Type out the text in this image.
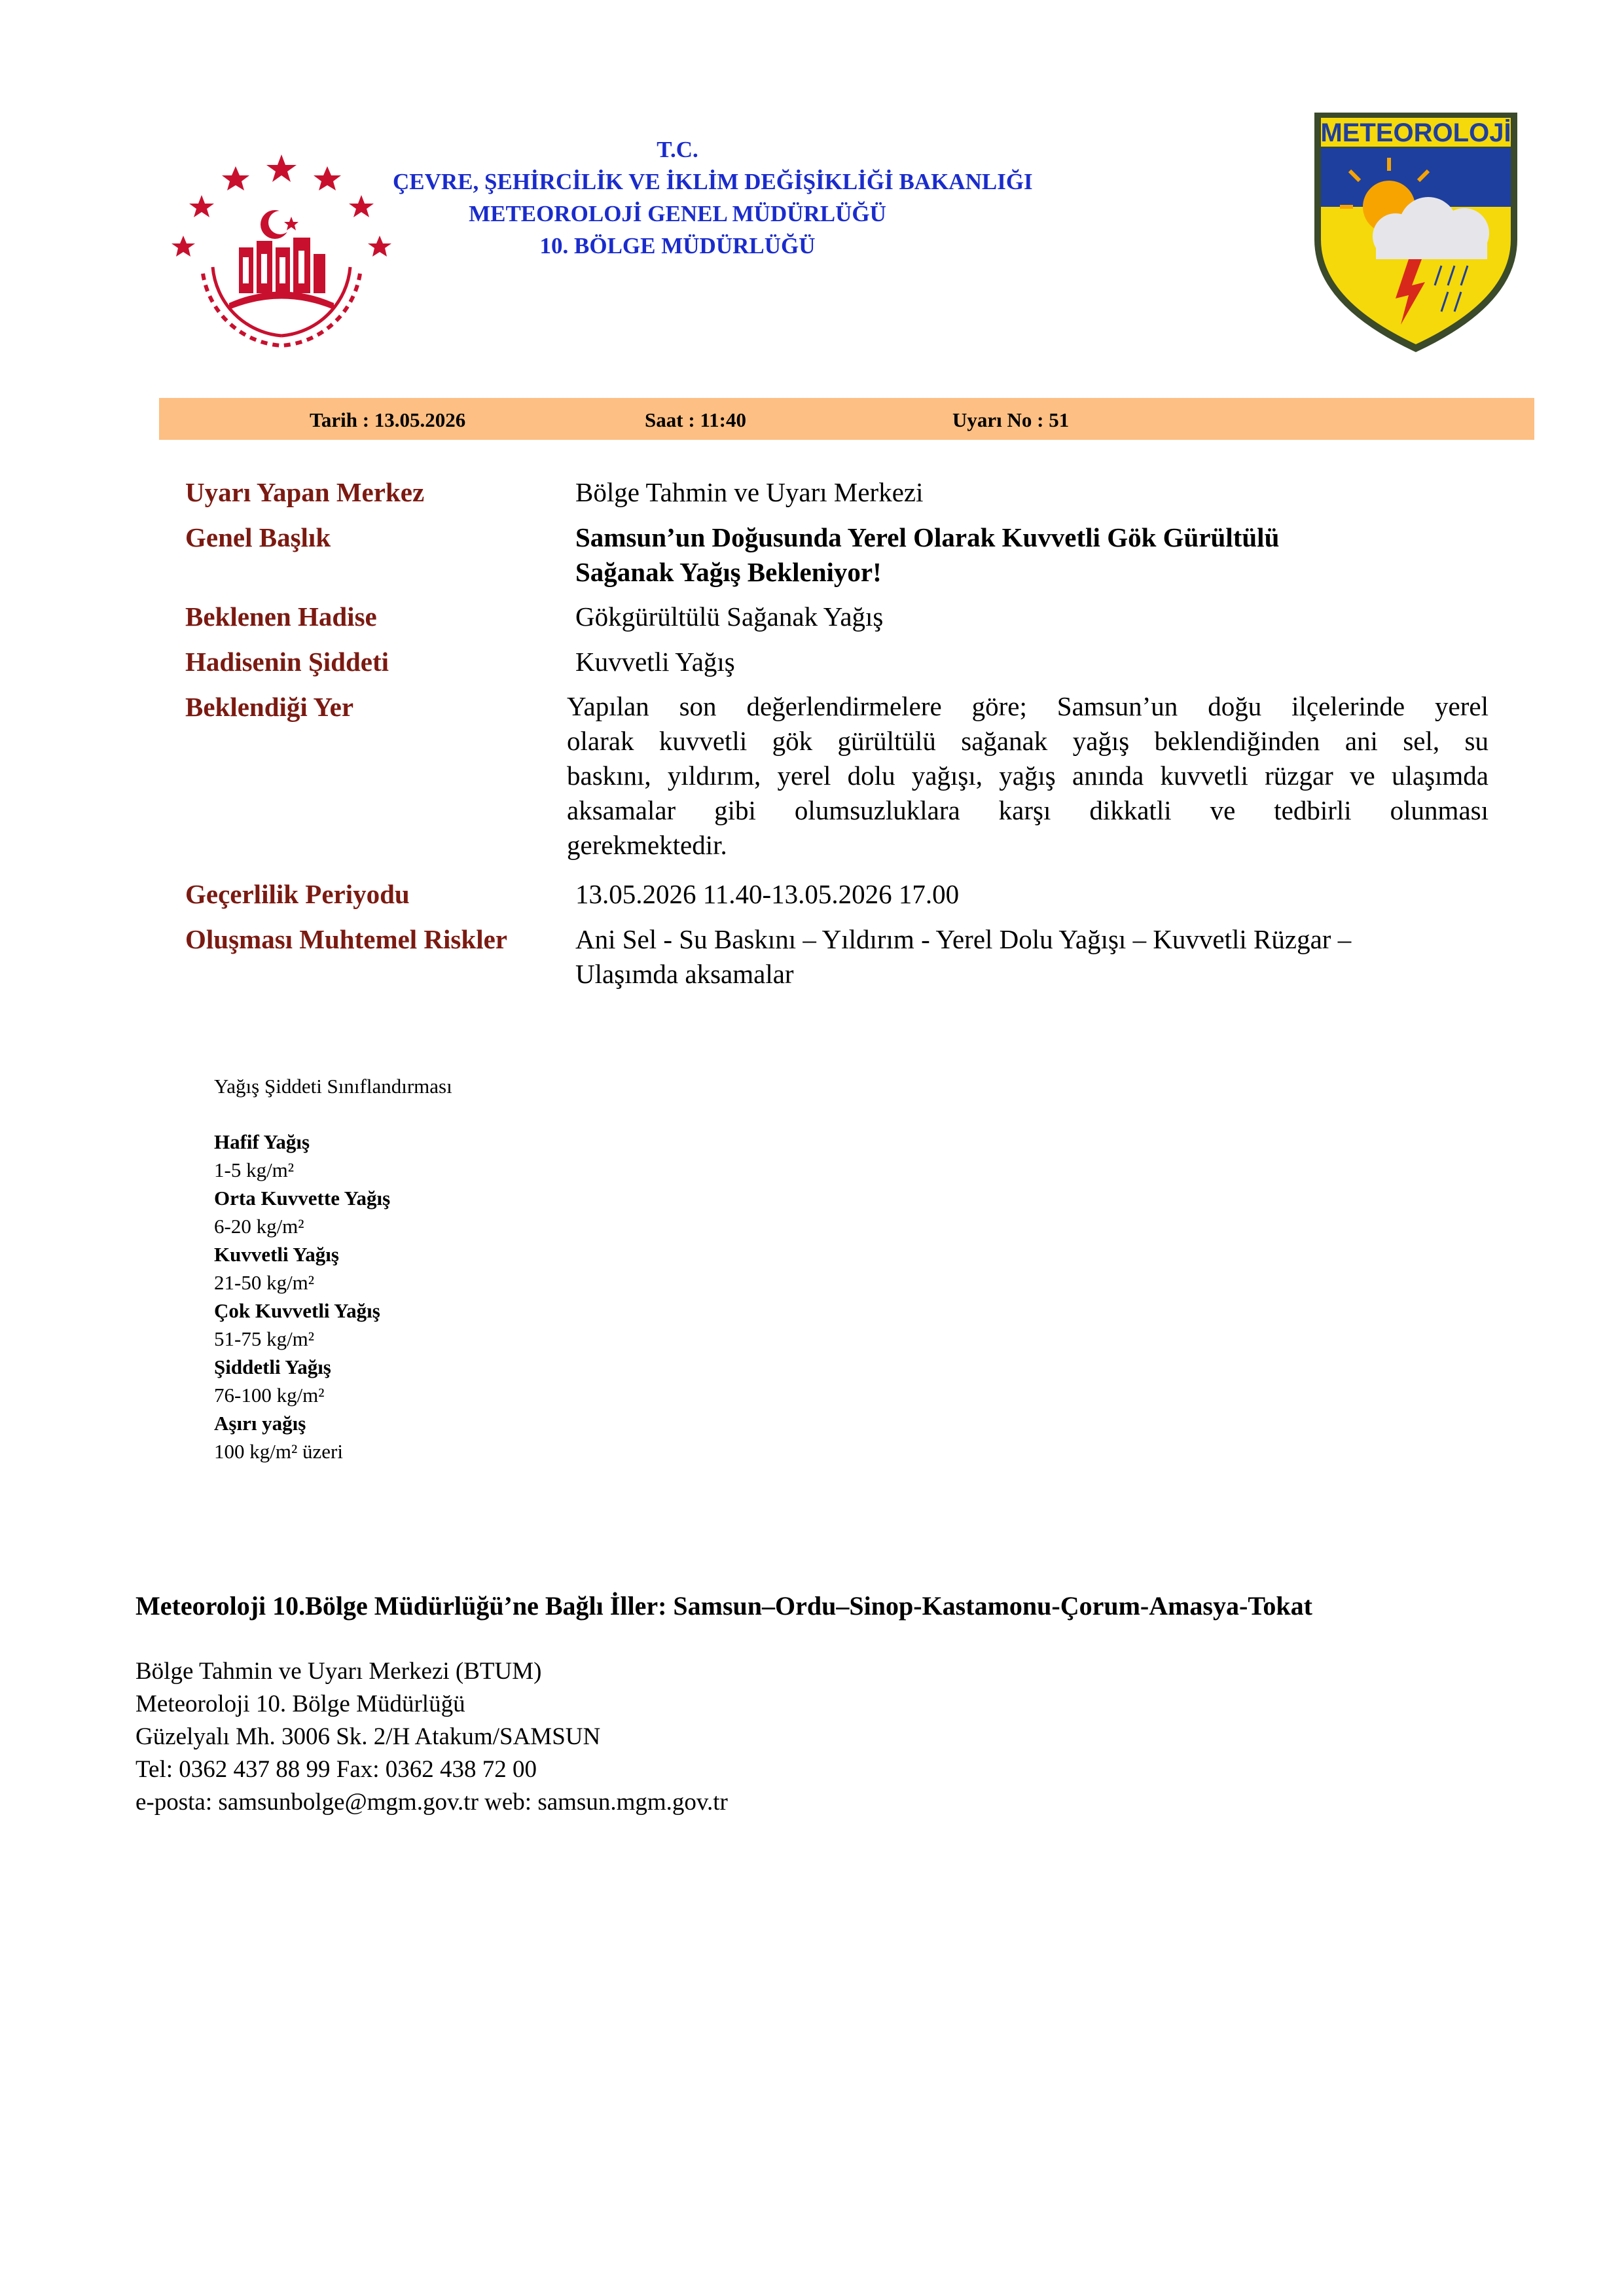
T.C.
ÇEVRE, ŞEHİRCİLİK VE İKLİM DEĞİŞİKLİĞİ BAKANLIĞI
METEOROLOJİ GENEL MÜDÜRLÜĞÜ
10. BÖLGE MÜDÜRLÜĞÜ
METEOROLOJİ
Tarih : 13.05.2026	Saat : 11:40	Uyarı No : 51
Uyarı Yapan Merkez	Bölge Tahmin ve Uyarı Merkezi
Genel Başlık	Samsun’un Doğusunda Yerel Olarak Kuvvetli Gök Gürültülü
Sağanak Yağış Bekleniyor!
Beklenen Hadise	Gökgürültülü Sağanak Yağış
Hadisenin Şiddeti	Kuvvetli Yağış
Beklendiği Yer	Yapılan son değerlendirmelere göre; Samsun’un doğu ilçelerinde yerel
olarak kuvvetli gök gürültülü sağanak yağış beklendiğinden ani sel, su
baskını, yıldırım, yerel dolu yağışı, yağış anında kuvvetli rüzgar ve ulaşımda
aksamalar gibi olumsuzluklara karşı dikkatli ve tedbirli olunması
gerekmektedir.
Geçerlilik Periyodu	13.05.2026 11.40-13.05.2026 17.00
Oluşması Muhtemel Riskler	Ani Sel - Su Baskını – Yıldırım - Yerel Dolu Yağışı – Kuvvetli Rüzgar –
Ulaşımda aksamalar
Yağış Şiddeti Sınıflandırması
Hafif Yağış
1-5 kg/m²
Orta Kuvvette Yağış
6-20 kg/m²
Kuvvetli Yağış
21-50 kg/m²
Çok Kuvvetli Yağış
51-75 kg/m²
Şiddetli Yağış
76-100 kg/m²
Aşırı yağış
100 kg/m² üzeri
Meteoroloji 10.Bölge Müdürlüğü’ne Bağlı İller: Samsun–Ordu–Sinop-Kastamonu-Çorum-Amasya-Tokat
Bölge Tahmin ve Uyarı Merkezi (BTUM)
Meteoroloji 10. Bölge Müdürlüğü
Güzelyalı Mh. 3006 Sk. 2/H Atakum/SAMSUN
Tel: 0362 437 88 99 Fax: 0362 438 72 00
e-posta: samsunbolge@mgm.gov.tr web: samsun.mgm.gov.tr
